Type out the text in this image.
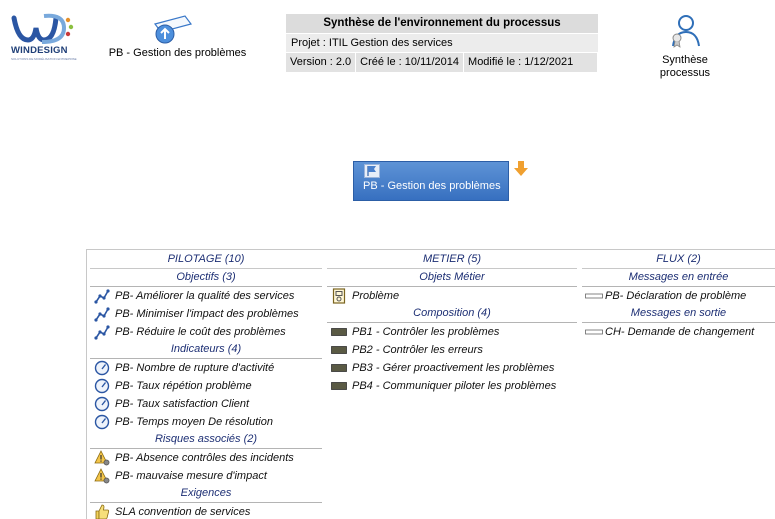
WINDESIGN
SOLUTIONS DE MODÉLISATION ENTREPRISE	PB - Gestion des problèmes
Synthèse de l'environnement du processus
Projet : ITIL Gestion des services
Version : 2.0 Créé le : 10/11/2014 Modifié le : 1/12/2021	Synthèse
processus
PB - Gestion des problèmes
PILOTAGE (10)
Objectifs (3)
PB- Améliorer la qualité des services
PB- Minimiser l'impact des problèmes
PB- Réduire le coût des problèmes
Indicateurs (4)
PB- Nombre de rupture d'activité
PB- Taux répétion problème
PB- Taux satisfaction Client
PB- Temps moyen De résolution
Risques associés (2)
PB- Absence contrôles des incidents
PB- mauvaise mesure d'impact
Exigences
SLA convention de services
METIER (5)
Objets Métier
Problème
Composition (4)
PB1 - Contrôler les problèmes
PB2 - Contrôler les erreurs
PB3 - Gérer proactivement les problèmes
PB4 - Communiquer piloter les problèmes
FLUX (2)
Messages en entrée
PB- Déclaration de problème
Messages en sortie
CH- Demande de changement
